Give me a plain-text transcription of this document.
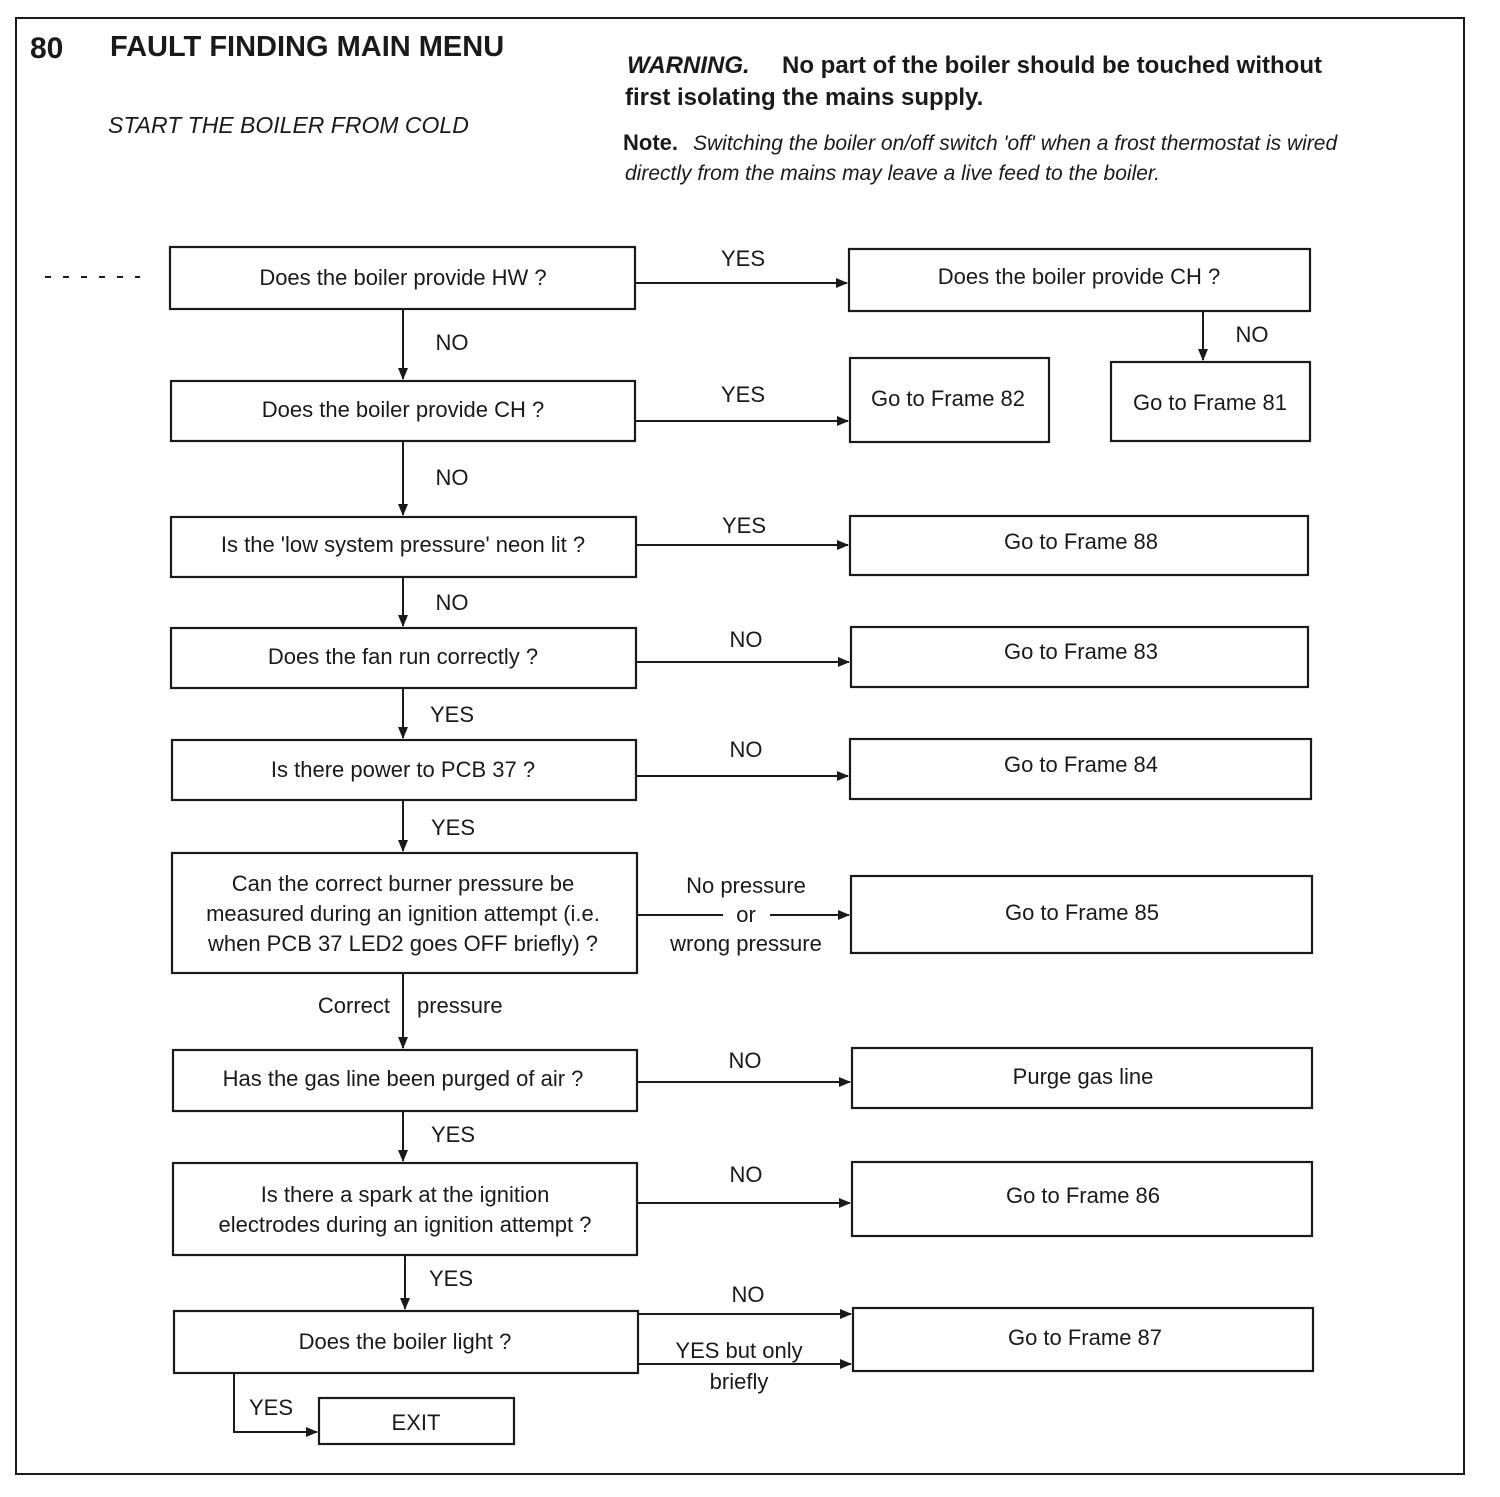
80 FAULT FINDING MAIN MENU
START THE BOILER FROM COLD
WARNING. No part of the boiler should be touched without
first isolating the mains supply.
Note. Switching the boiler on/off switch 'off' when a frost thermostat is wired
directly from the mains may leave a live feed to the boiler.
Does the boiler provide HW ?
Does the boiler provide CH ?
Is the 'low system pressure' neon lit ?
Does the fan run correctly ?
Is there power to PCB 37 ?
Can the correct burner pressure be
measured during an ignition attempt (i.e.
when PCB 37 LED2 goes OFF briefly) ?
Has the gas line been purged of air ?
Is there a spark at the ignition
electrodes during an ignition attempt ?
Does the boiler light ?
Does the boiler provide CH ?
Go to Frame 82	Go to Frame 81
Go to Frame 88
Go to Frame 83
Go to Frame 84
Go to Frame 85
Purge gas line
Go to Frame 86
Go to Frame 87
EXIT
YES
NO	NO
YES
NO
YES
NO
NO
YES
NO
YES
No pressure
or
wrong pressure
Correct pressure
NO
YES
NO
YES
NO
YES but only
briefly
YES
